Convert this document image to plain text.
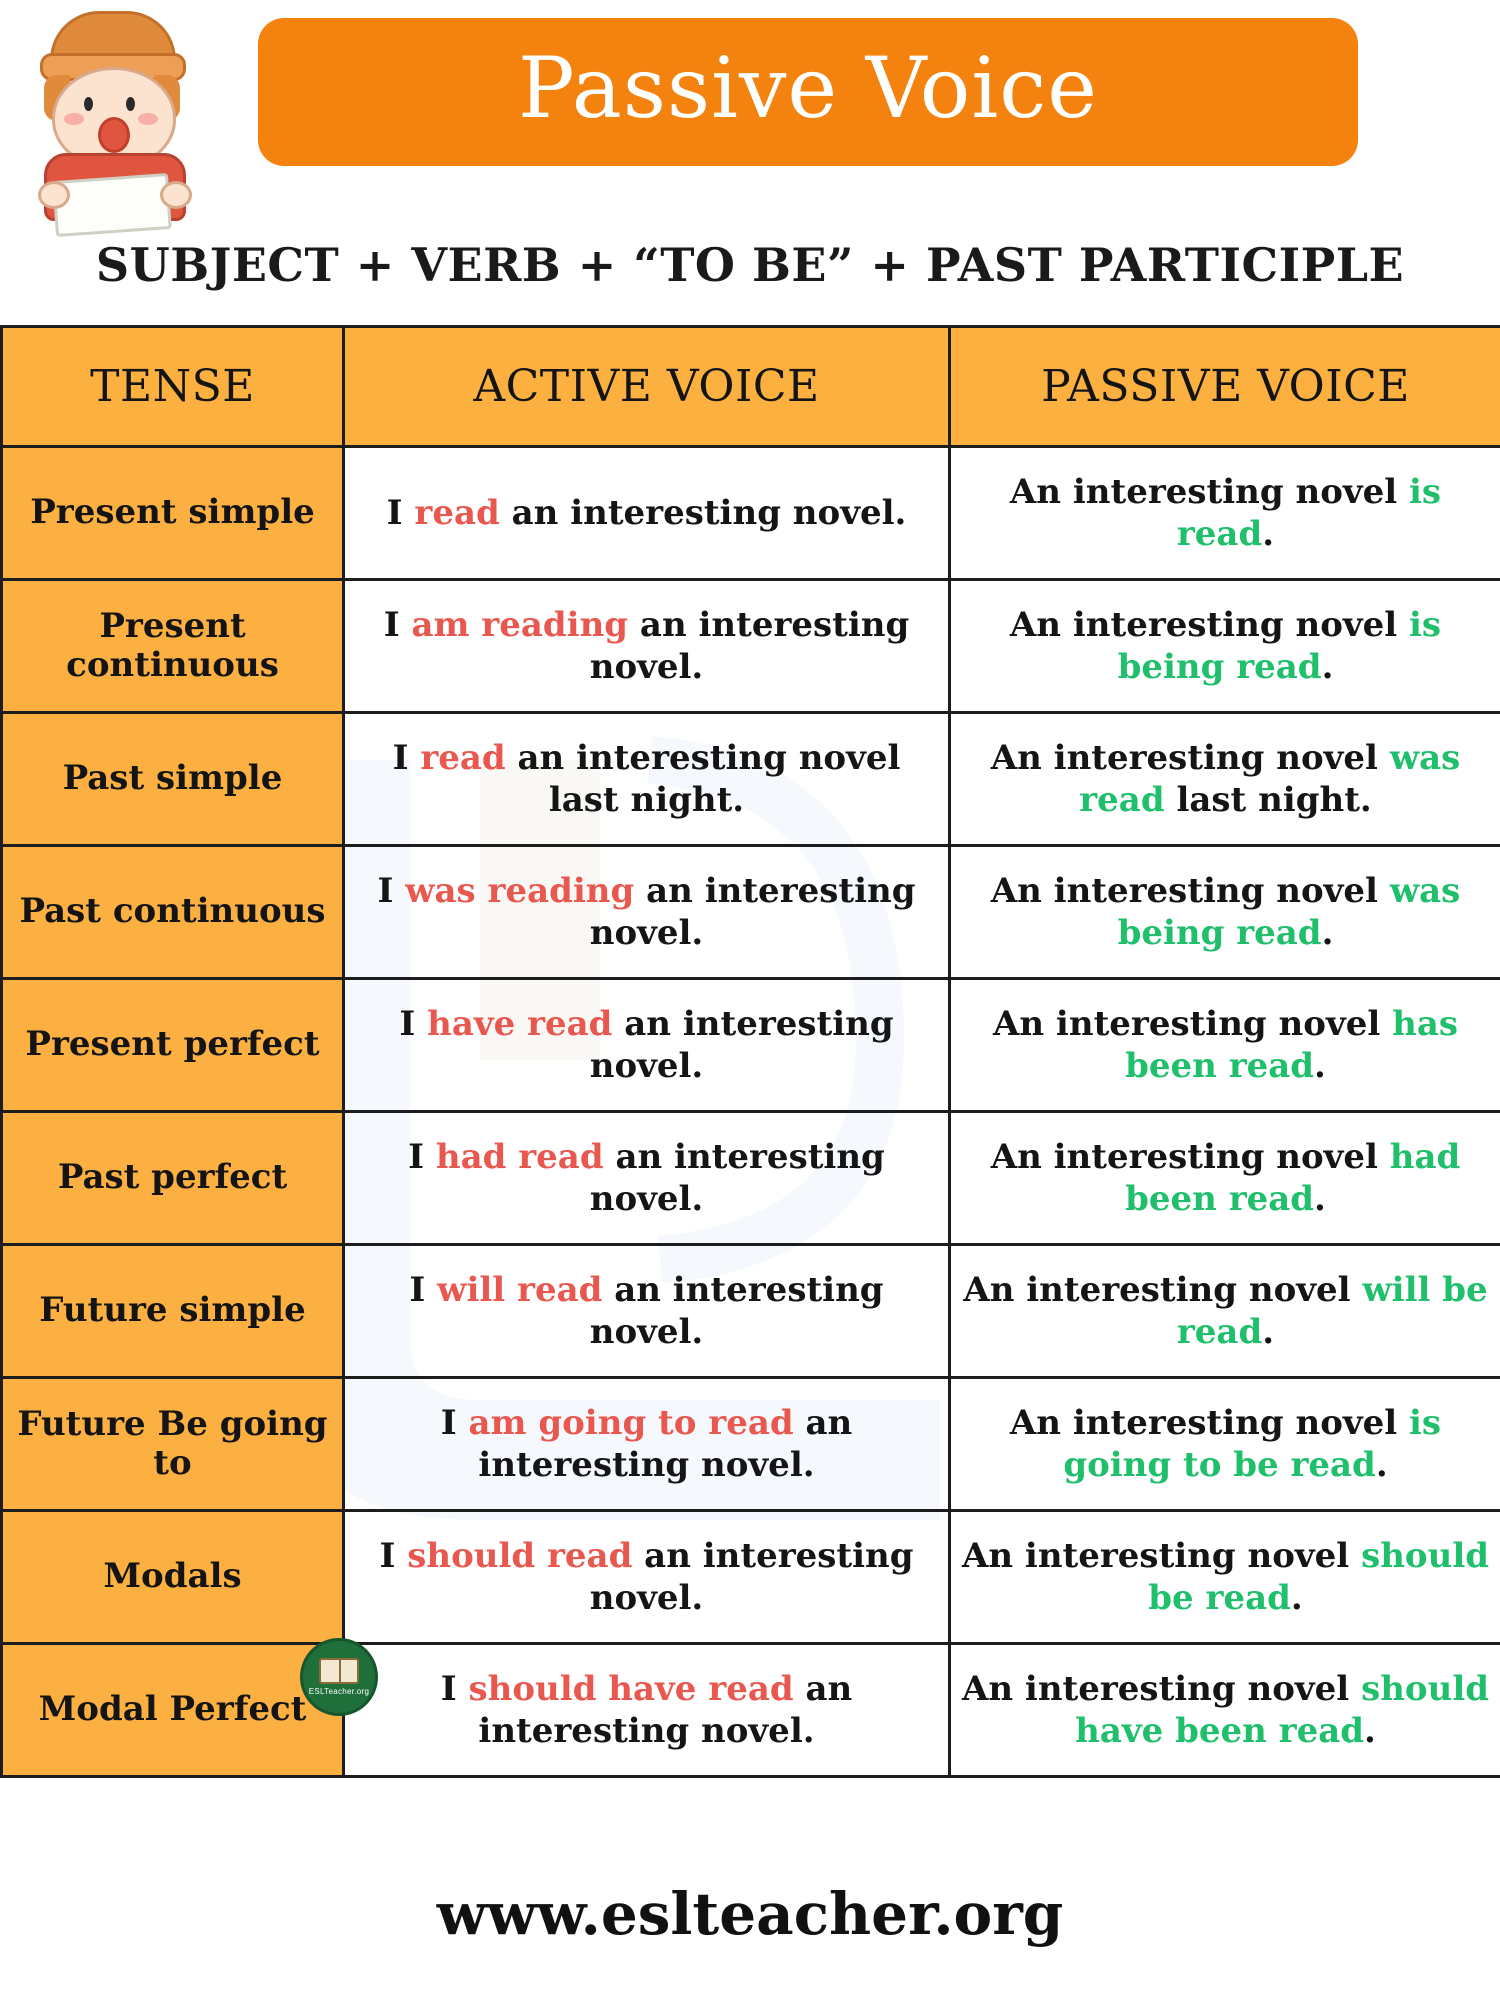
Passive Voice
SUBJECT + VERB + “TO BE” + PAST PARTICIPLE
TENSE	ACTIVE VOICE	PASSIVE VOICE
Present simple	I read an interesting novel.	An interesting novel is read.
Present continuous	I am reading an interesting novel.	An interesting novel is being read.
Past simple	I read an interesting novel last night.	An interesting novel was read last night.
Past continuous	I was reading an interesting novel.	An interesting novel was being read.
Present perfect	I have read an interesting novel.	An interesting novel has been read.
Past perfect	I had read an interesting novel.	An interesting novel had been read.
Future simple	I will read an interesting novel.	An interesting novel will be read.
Future Be going to	I am going to read an interesting novel.	An interesting novel is going to be read.
Modals	I should read an interesting novel.	An interesting novel should be read.
Modal Perfect	I should have read an interesting novel.	An interesting novel should have been read.
ESLTeacher.org
www.eslteacher.org
